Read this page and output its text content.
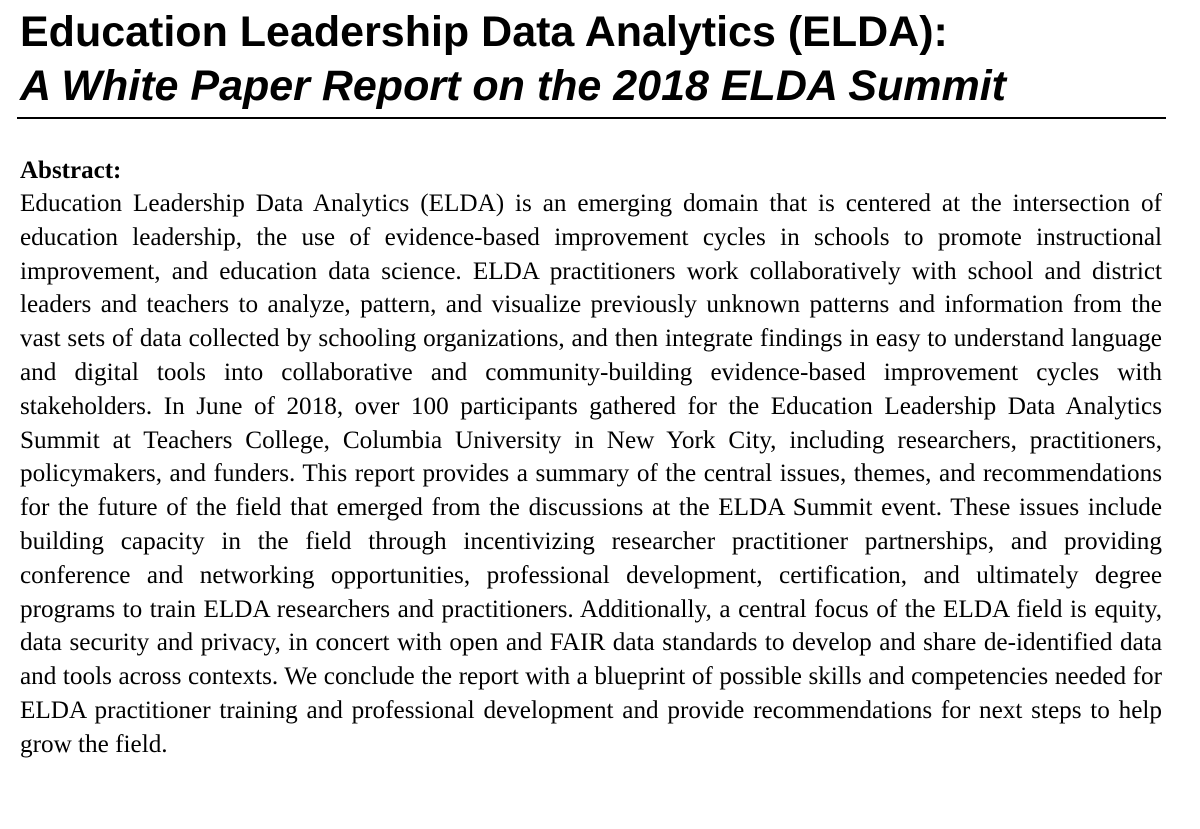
Education Leadership Data Analytics (ELDA):
A White Paper Report on the 2018 ELDA Summit
Abstract:

Education Leadership Data Analytics (ELDA) is an emerging domain that is centered at the intersection of education leadership, the use of evidence-based improvement cycles in schools to promote instructional improvement, and education data science. ELDA practitioners work collaboratively with school and district leaders and teachers to analyze, pattern, and visualize previously unknown patterns and information from the vast sets of data collected by schooling organizations, and then integrate findings in easy to understand language and digital tools into collaborative and community-building evidence-based improvement cycles with stakeholders. In June of 2018, over 100 participants gathered for the Education Leadership Data Analytics Summit at Teachers College, Columbia University in New York City, including researchers, practitioners, policymakers, and funders. This report provides a summary of the central issues, themes, and recommendations for the future of the field that emerged from the discussions at the ELDA Summit event. These issues include building capacity in the field through incentivizing researcher practitioner partnerships, and providing conference and networking opportunities, professional development, certification, and ultimately degree programs to train ELDA researchers and practitioners. Additionally, a central focus of the ELDA field is equity, data security and privacy, in concert with open and FAIR data standards to develop and share de-identified data and tools across contexts. We conclude the report with a blueprint of possible skills and competencies needed for ELDA practitioner training and professional development and provide recommendations for next steps to help grow the field.
